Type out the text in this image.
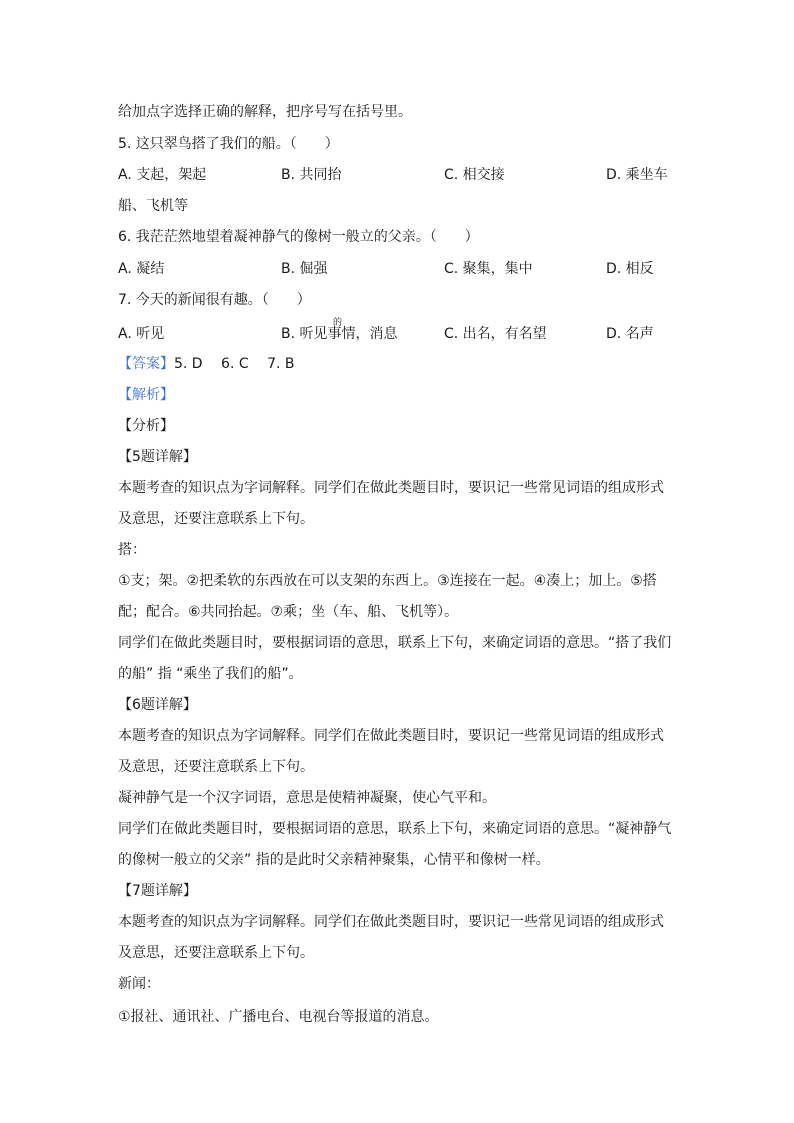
给加点字选择正确的解释，把序号写在括号里。
5. 这只翠鸟搭了我们的船。（　　）
A. 支起，架起	B. 共同抬	C. 相交接	D. 乘坐车
船、飞机等
6. 我茫茫然地望着凝神静气的像树一般立的父亲。（　　）
A. 凝结	B. 倔强	C. 聚集，集中	D. 相反
7. 今天的新闻很有趣。（　　）
的
A. 听见	B. 听见事情，消息	C. 出名，有名望	D. 名声
【答案】5. D　 6. C　 7. B
【解析】
【分析】
【5题详解】
本题考查的知识点为字词解释。同学们在做此类题目时，要识记一些常见词语的组成形式
及意思，还要注意联系上下句。
搭：
①支；架。②把柔软的东西放在可以支架的东西上。③连接在一起。④凑上；加上。⑤搭
配；配合。⑥共同抬起。⑦乘；坐（车、船、飞机等）。
同学们在做此类题目时，要根据词语的意思，联系上下句，来确定词语的意思。“搭了我们
的船” 指 “乘坐了我们的船”。
【6题详解】
本题考查的知识点为字词解释。同学们在做此类题目时，要识记一些常见词语的组成形式
及意思，还要注意联系上下句。
凝神静气是一个汉字词语，意思是使精神凝聚，使心气平和。
同学们在做此类题目时，要根据词语的意思，联系上下句，来确定词语的意思。“凝神静气
的像树一般立的父亲” 指的是此时父亲精神聚集，心情平和像树一样。
【7题详解】
本题考查的知识点为字词解释。同学们在做此类题目时，要识记一些常见词语的组成形式
及意思，还要注意联系上下句。
新闻：
①报社、通讯社、广播电台、电视台等报道的消息。
